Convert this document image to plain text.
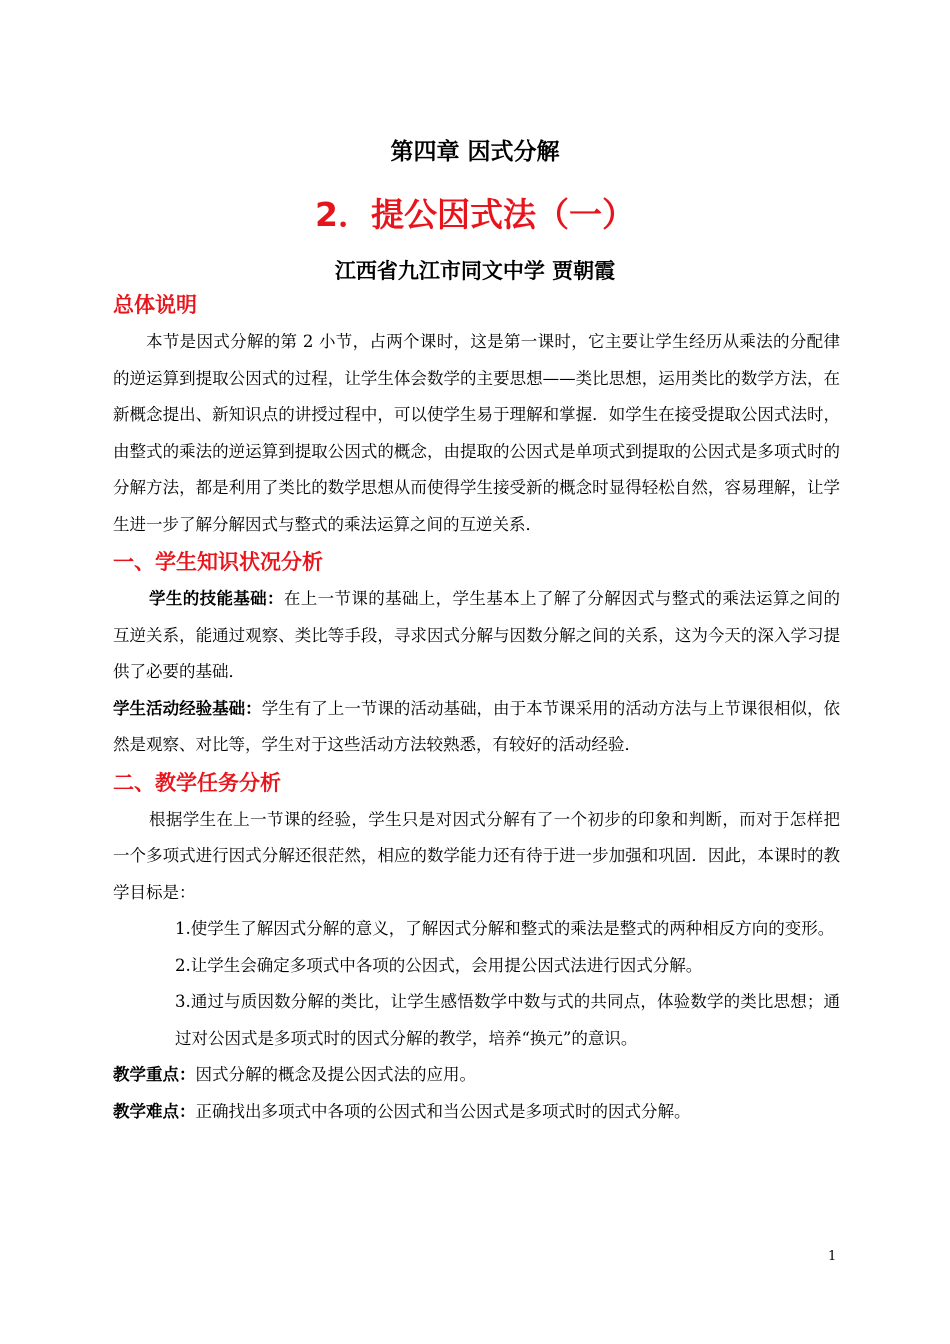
第四章 因式分解
2．提公因式法（一）
江西省九江市同文中学 贾朝霞
总体说明

本节是因式分解的第 2 小节，占两个课时，这是第一课时，它主要让学生经历从乘法的分配律的逆运算到提取公因式的过程，让学生体会数学的主要思想——类比思想，运用类比的数学方法，在新概念提出、新知识点的讲授过程中，可以使学生易于理解和掌握．如学生在接受提取公因式法时，由整式的乘法的逆运算到提取公因式的概念，由提取的公因式是单项式到提取的公因式是多项式时的分解方法，都是利用了类比的数学思想从而使得学生接受新的概念时显得轻松自然，容易理解，让学生进一步了解分解因式与整式的乘法运算之间的互逆关系．

一、学生知识状况分析

学生的技能基础：在上一节课的基础上，学生基本上了解了分解因式与整式的乘法运算之间的互逆关系，能通过观察、类比等手段，寻求因式分解与因数分解之间的关系，这为今天的深入学习提供了必要的基础．

学生活动经验基础：学生有了上一节课的活动基础，由于本节课采用的活动方法与上节课很相似，依然是观察、对比等，学生对于这些活动方法较熟悉，有较好的活动经验．

二、教学任务分析

根据学生在上一节课的经验，学生只是对因式分解有了一个初步的印象和判断，而对于怎样把一个多项式进行因式分解还很茫然，相应的数学能力还有待于进一步加强和巩固．因此，本课时的教学目标是：

1.使学生了解因式分解的意义，了解因式分解和整式的乘法是整式的两种相反方向的变形。

2.让学生会确定多项式中各项的公因式，会用提公因式法进行因式分解。

3.通过与质因数分解的类比，让学生感悟数学中数与式的共同点，体验数学的类比思想；通过对公因式是多项式时的因式分解的教学，培养“换元”的意识。

教学重点：因式分解的概念及提公因式法的应用。

教学难点：正确找出多项式中各项的公因式和当公因式是多项式时的因式分解。

1
